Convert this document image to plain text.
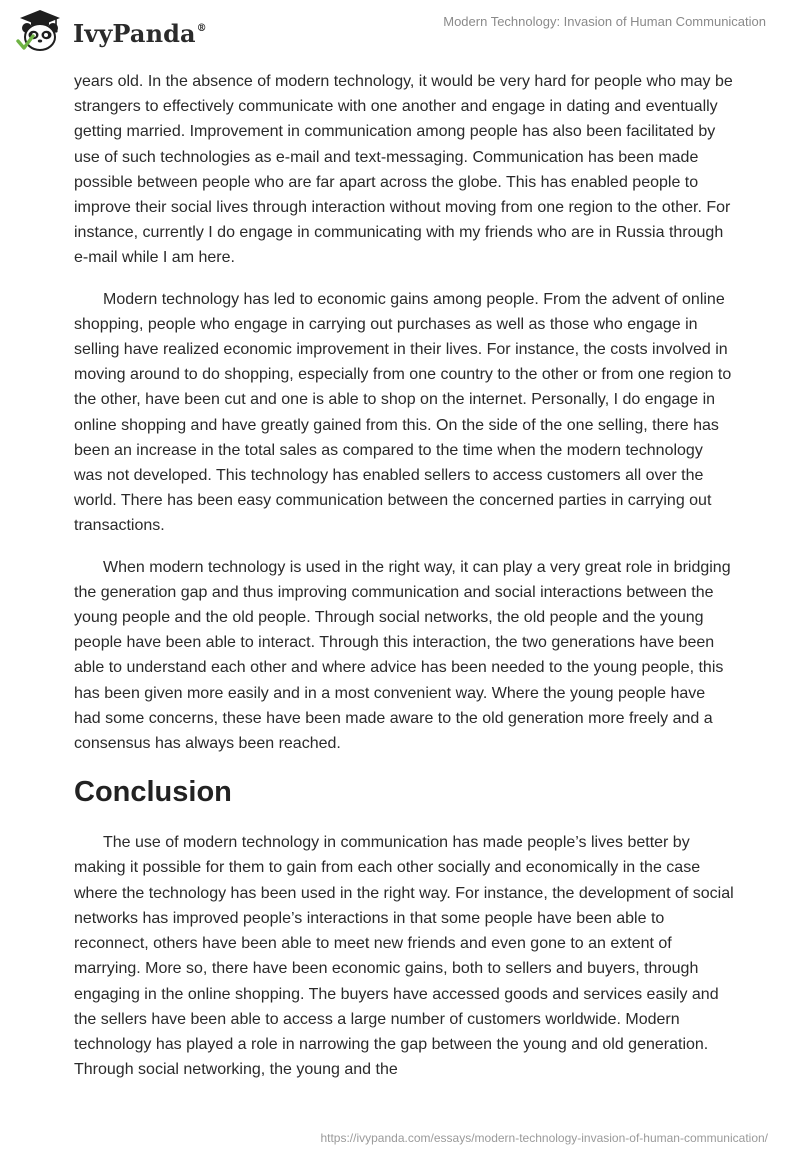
IvyPanda®	Modern Technology: Invasion of Human Communication

years old. In the absence of modern technology, it would be very hard for people who may be strangers to effectively communicate with one another and engage in dating and eventually getting married. Improvement in communication among people has also been facilitated by use of such technologies as e-mail and text-messaging. Communication has been made possible between people who are far apart across the globe. This has enabled people to improve their social lives through interaction without moving from one region to the other. For instance, currently I do engage in communicating with my friends who are in Russia through e-mail while I am here.

Modern technology has led to economic gains among people. From the advent of online shopping, people who engage in carrying out purchases as well as those who engage in selling have realized economic improvement in their lives. For instance, the costs involved in moving around to do shopping, especially from one country to the other or from one region to the other, have been cut and one is able to shop on the internet. Personally, I do engage in online shopping and have greatly gained from this. On the side of the one selling, there has been an increase in the total sales as compared to the time when the modern technology was not developed. This technology has enabled sellers to access customers all over the world. There has been easy communication between the concerned parties in carrying out transactions.

When modern technology is used in the right way, it can play a very great role in bridging the generation gap and thus improving communication and social interactions between the young people and the old people. Through social networks, the old people and the young people have been able to interact. Through this interaction, the two generations have been able to understand each other and where advice has been needed to the young people, this has been given more easily and in a most convenient way. Where the young people have had some concerns, these have been made aware to the old generation more freely and a consensus has always been reached.

Conclusion

The use of modern technology in communication has made people’s lives better by making it possible for them to gain from each other socially and economically in the case where the technology has been used in the right way. For instance, the development of social networks has improved people’s interactions in that some people have been able to reconnect, others have been able to meet new friends and even gone to an extent of marrying. More so, there have been economic gains, both to sellers and buyers, through engaging in the online shopping. The buyers have accessed goods and services easily and the sellers have been able to access a large number of customers worldwide. Modern technology has played a role in narrowing the gap between the young and old generation. Through social networking, the young and the

https://ivypanda.com/essays/modern-technology-invasion-of-human-communication/
